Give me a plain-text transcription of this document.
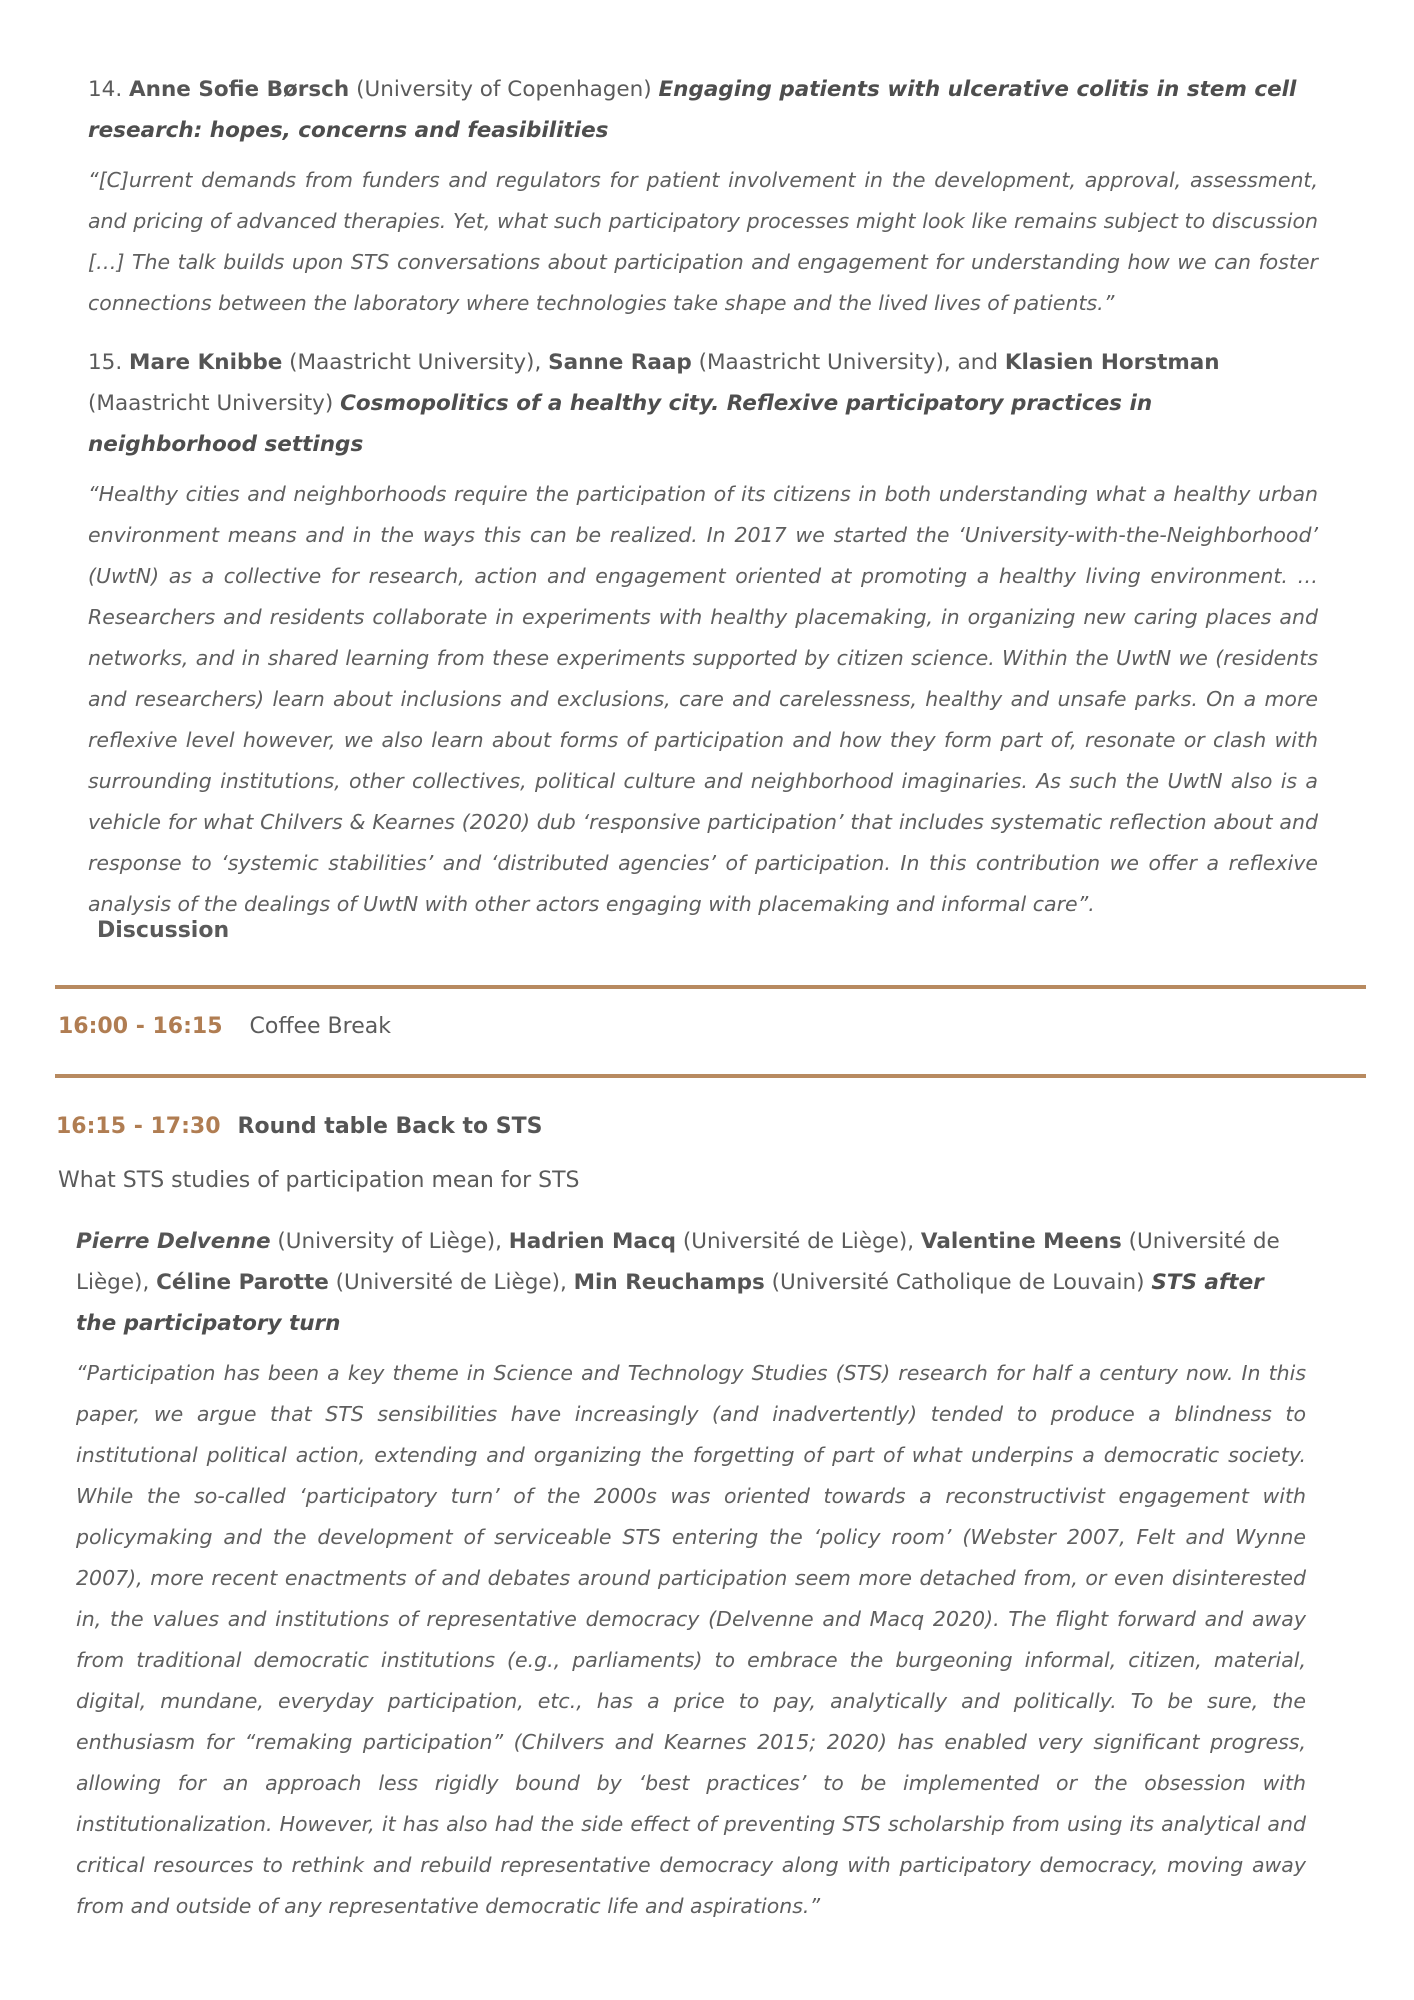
14. Anne Sofie Børsch (University of Copenhagen) Engaging patients with ulcerative colitis in stem cell research: hopes, concerns and feasibilities

“[C]urrent demands from funders and regulators for patient involvement in the development, approval, assessment, and pricing of advanced therapies. Yet, what such participatory processes might look like remains subject to discussion […] The talk builds upon STS conversations about participation and engagement for understanding how we can foster connections between the laboratory where technologies take shape and the lived lives of patients.”

15. Mare Knibbe (Maastricht University), Sanne Raap (Maastricht University), and Klasien Horstman (Maastricht University) Cosmopolitics of a healthy city. Reflexive participatory practices in neighborhood settings

“Healthy cities and neighborhoods require the participation of its citizens in both understanding what a healthy urban environment means and in the ways this can be realized. In 2017 we started the ‘University-with-the-Neighborhood’ (UwtN) as a collective for research, action and engagement oriented at promoting a healthy living environment. … Researchers and residents collaborate in experiments with healthy placemaking, in organizing new caring places and networks, and in shared learning from these experiments supported by citizen science. Within the UwtN we (residents and researchers) learn about inclusions and exclusions, care and carelessness, healthy and unsafe parks. On a more reflexive level however, we also learn about forms of participation and how they form part of, resonate or clash with surrounding institutions, other collectives, political culture and neighborhood imaginaries. As such the UwtN also is a vehicle for what Chilvers & Kearnes (2020) dub ‘responsive participation’ that includes systematic reflection about and response to ‘systemic stabilities’ and ‘distributed agencies’ of participation. In this contribution we offer a reflexive analysis of the dealings of UwtN with other actors engaging with placemaking and informal care”.

Discussion
16:00 - 16:15 Coffee Break
16:15 - 17:30 Round table Back to STS
What STS studies of participation mean for STS

Pierre Delvenne (University of Liège), Hadrien Macq (Université de Liège), Valentine Meens (Université de Liège), Céline Parotte (Université de Liège), Min Reuchamps (Université Catholique de Louvain) STS after the participatory turn

“Participation has been a key theme in Science and Technology Studies (STS) research for half a century now. In this paper, we argue that STS sensibilities have increasingly (and inadvertently) tended to produce a blindness to institutional political action, extending and organizing the forgetting of part of what underpins a democratic society. While the so-called ‘participatory turn’ of the 2000s was oriented towards a reconstructivist engagement with policymaking and the development of serviceable STS entering the ‘policy room’ (Webster 2007, Felt and Wynne 2007), more recent enactments of and debates around participation seem more detached from, or even disinterested in, the values and institutions of representative democracy (Delvenne and Macq 2020). The flight forward and away from traditional democratic institutions (e.g., parliaments) to embrace the burgeoning informal, citizen, material, digital, mundane, everyday participation, etc., has a price to pay, analytically and politically. To be sure, the enthusiasm for “remaking participation” (Chilvers and Kearnes 2015; 2020) has enabled very significant progress, allowing for an approach less rigidly bound by ‘best practices’ to be implemented or the obsession with institutionalization. However, it has also had the side effect of preventing STS scholarship from using its analytical and critical resources to rethink and rebuild representative democracy along with participatory democracy, moving away from and outside of any representative democratic life and aspirations.”
